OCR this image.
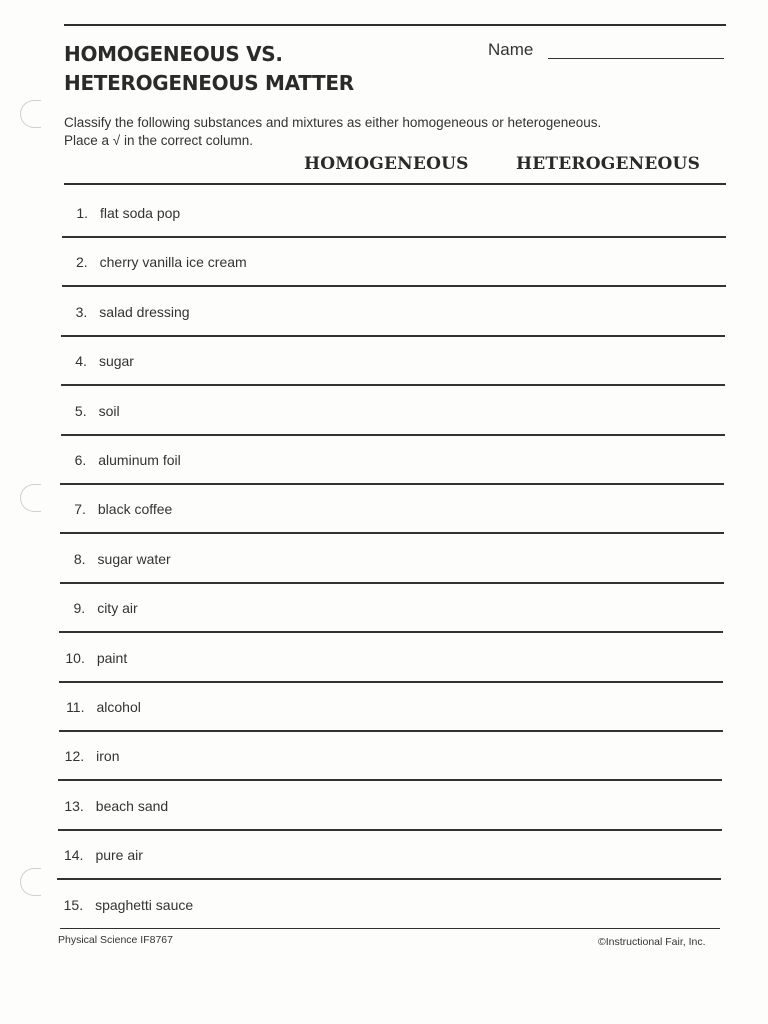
HOMOGENEOUS VS.
HETEROGENEOUS MATTER
Name
Classify the following substances and mixtures as either homogeneous or heterogeneous.
Place a √ in the correct column.
HOMOGENEOUS	HETEROGENEOUS
1. flat soda pop
2. cherry vanilla ice cream
3. salad dressing
4. sugar
5. soil
6. aluminum foil
7. black coffee
8. sugar water
9. city air
10. paint
11. alcohol
12. iron
13. beach sand
14. pure air
15. spaghetti sauce
Physical Science IF8767	©Instructional Fair, Inc.
